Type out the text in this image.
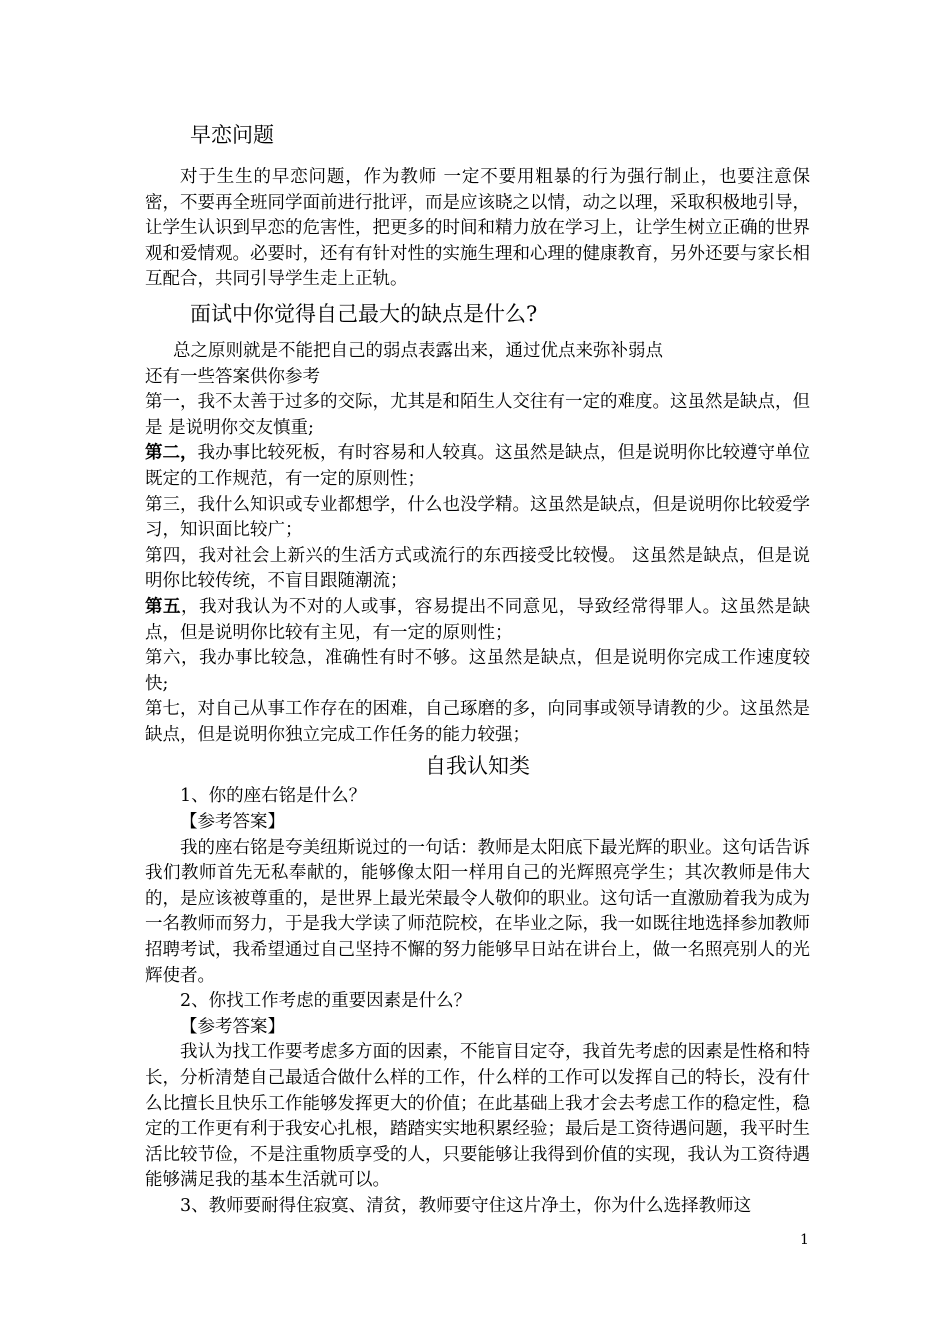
早恋问题

对于生生的早恋问题，作为教师 一定不要用粗暴的行为强行制止，也要注意保密，不要再全班同学面前进行批评，而是应该晓之以情，动之以理，采取积极地引导，让学生认识到早恋的危害性，把更多的时间和精力放在学习上，让学生树立正确的世界观和爱情观。必要时，还有有针对性的实施生理和心理的健康教育，另外还要与家长相互配合，共同引导学生走上正轨。

面试中你觉得自己最大的缺点是什么?

总之原则就是不能把自己的弱点表露出来，通过优点来弥补弱点

还有一些答案供你参考

第一，我不太善于过多的交际，尤其是和陌生人交往有一定的难度。这虽然是缺点，但是 是说明你交友慎重;

第二，我办事比较死板，有时容易和人较真。这虽然是缺点，但是说明你比较遵守单位既定的工作规范，有一定的原则性；

第三，我什么知识或专业都想学，什么也没学精。这虽然是缺点，但是说明你比较爱学习，知识面比较广；

第四，我对社会上新兴的生活方式或流行的东西接受比较慢。 这虽然是缺点，但是说明你比较传统，不盲目跟随潮流；

第五，我对我认为不对的人或事，容易提出不同意见，导致经常得罪人。这虽然是缺点，但是说明你比较有主见，有一定的原则性；

第六，我办事比较急，准确性有时不够。这虽然是缺点，但是说明你完成工作速度较快;

第七，对自己从事工作存在的困难，自己琢磨的多，向同事或领导请教的少。这虽然是缺点，但是说明你独立完成工作任务的能力较强；

自我认知类

1、你的座右铭是什么？

【参考答案】

我的座右铭是夸美纽斯说过的一句话：教师是太阳底下最光辉的职业。这句话告诉我们教师首先无私奉献的，能够像太阳一样用自己的光辉照亮学生；其次教师是伟大的，是应该被尊重的，是世界上最光荣最令人敬仰的职业。这句话一直激励着我为成为一名教师而努力，于是我大学读了师范院校，在毕业之际，我一如既往地选择参加教师招聘考试，我希望通过自己坚持不懈的努力能够早日站在讲台上，做一名照亮别人的光辉使者。

2、你找工作考虑的重要因素是什么？

【参考答案】

我认为找工作要考虑多方面的因素，不能盲目定夺，我首先考虑的因素是性格和特长，分析清楚自己最适合做什么样的工作，什么样的工作可以发挥自己的特长，没有什么比擅长且快乐工作能够发挥更大的价值；在此基础上我才会去考虑工作的稳定性，稳定的工作更有利于我安心扎根，踏踏实实地积累经验；最后是工资待遇问题，我平时生活比较节俭，不是注重物质享受的人，只要能够让我得到价值的实现，我认为工资待遇能够满足我的基本生活就可以。

3、教师要耐得住寂寞、清贫，教师要守住这片净土，你为什么选择教师这

1
